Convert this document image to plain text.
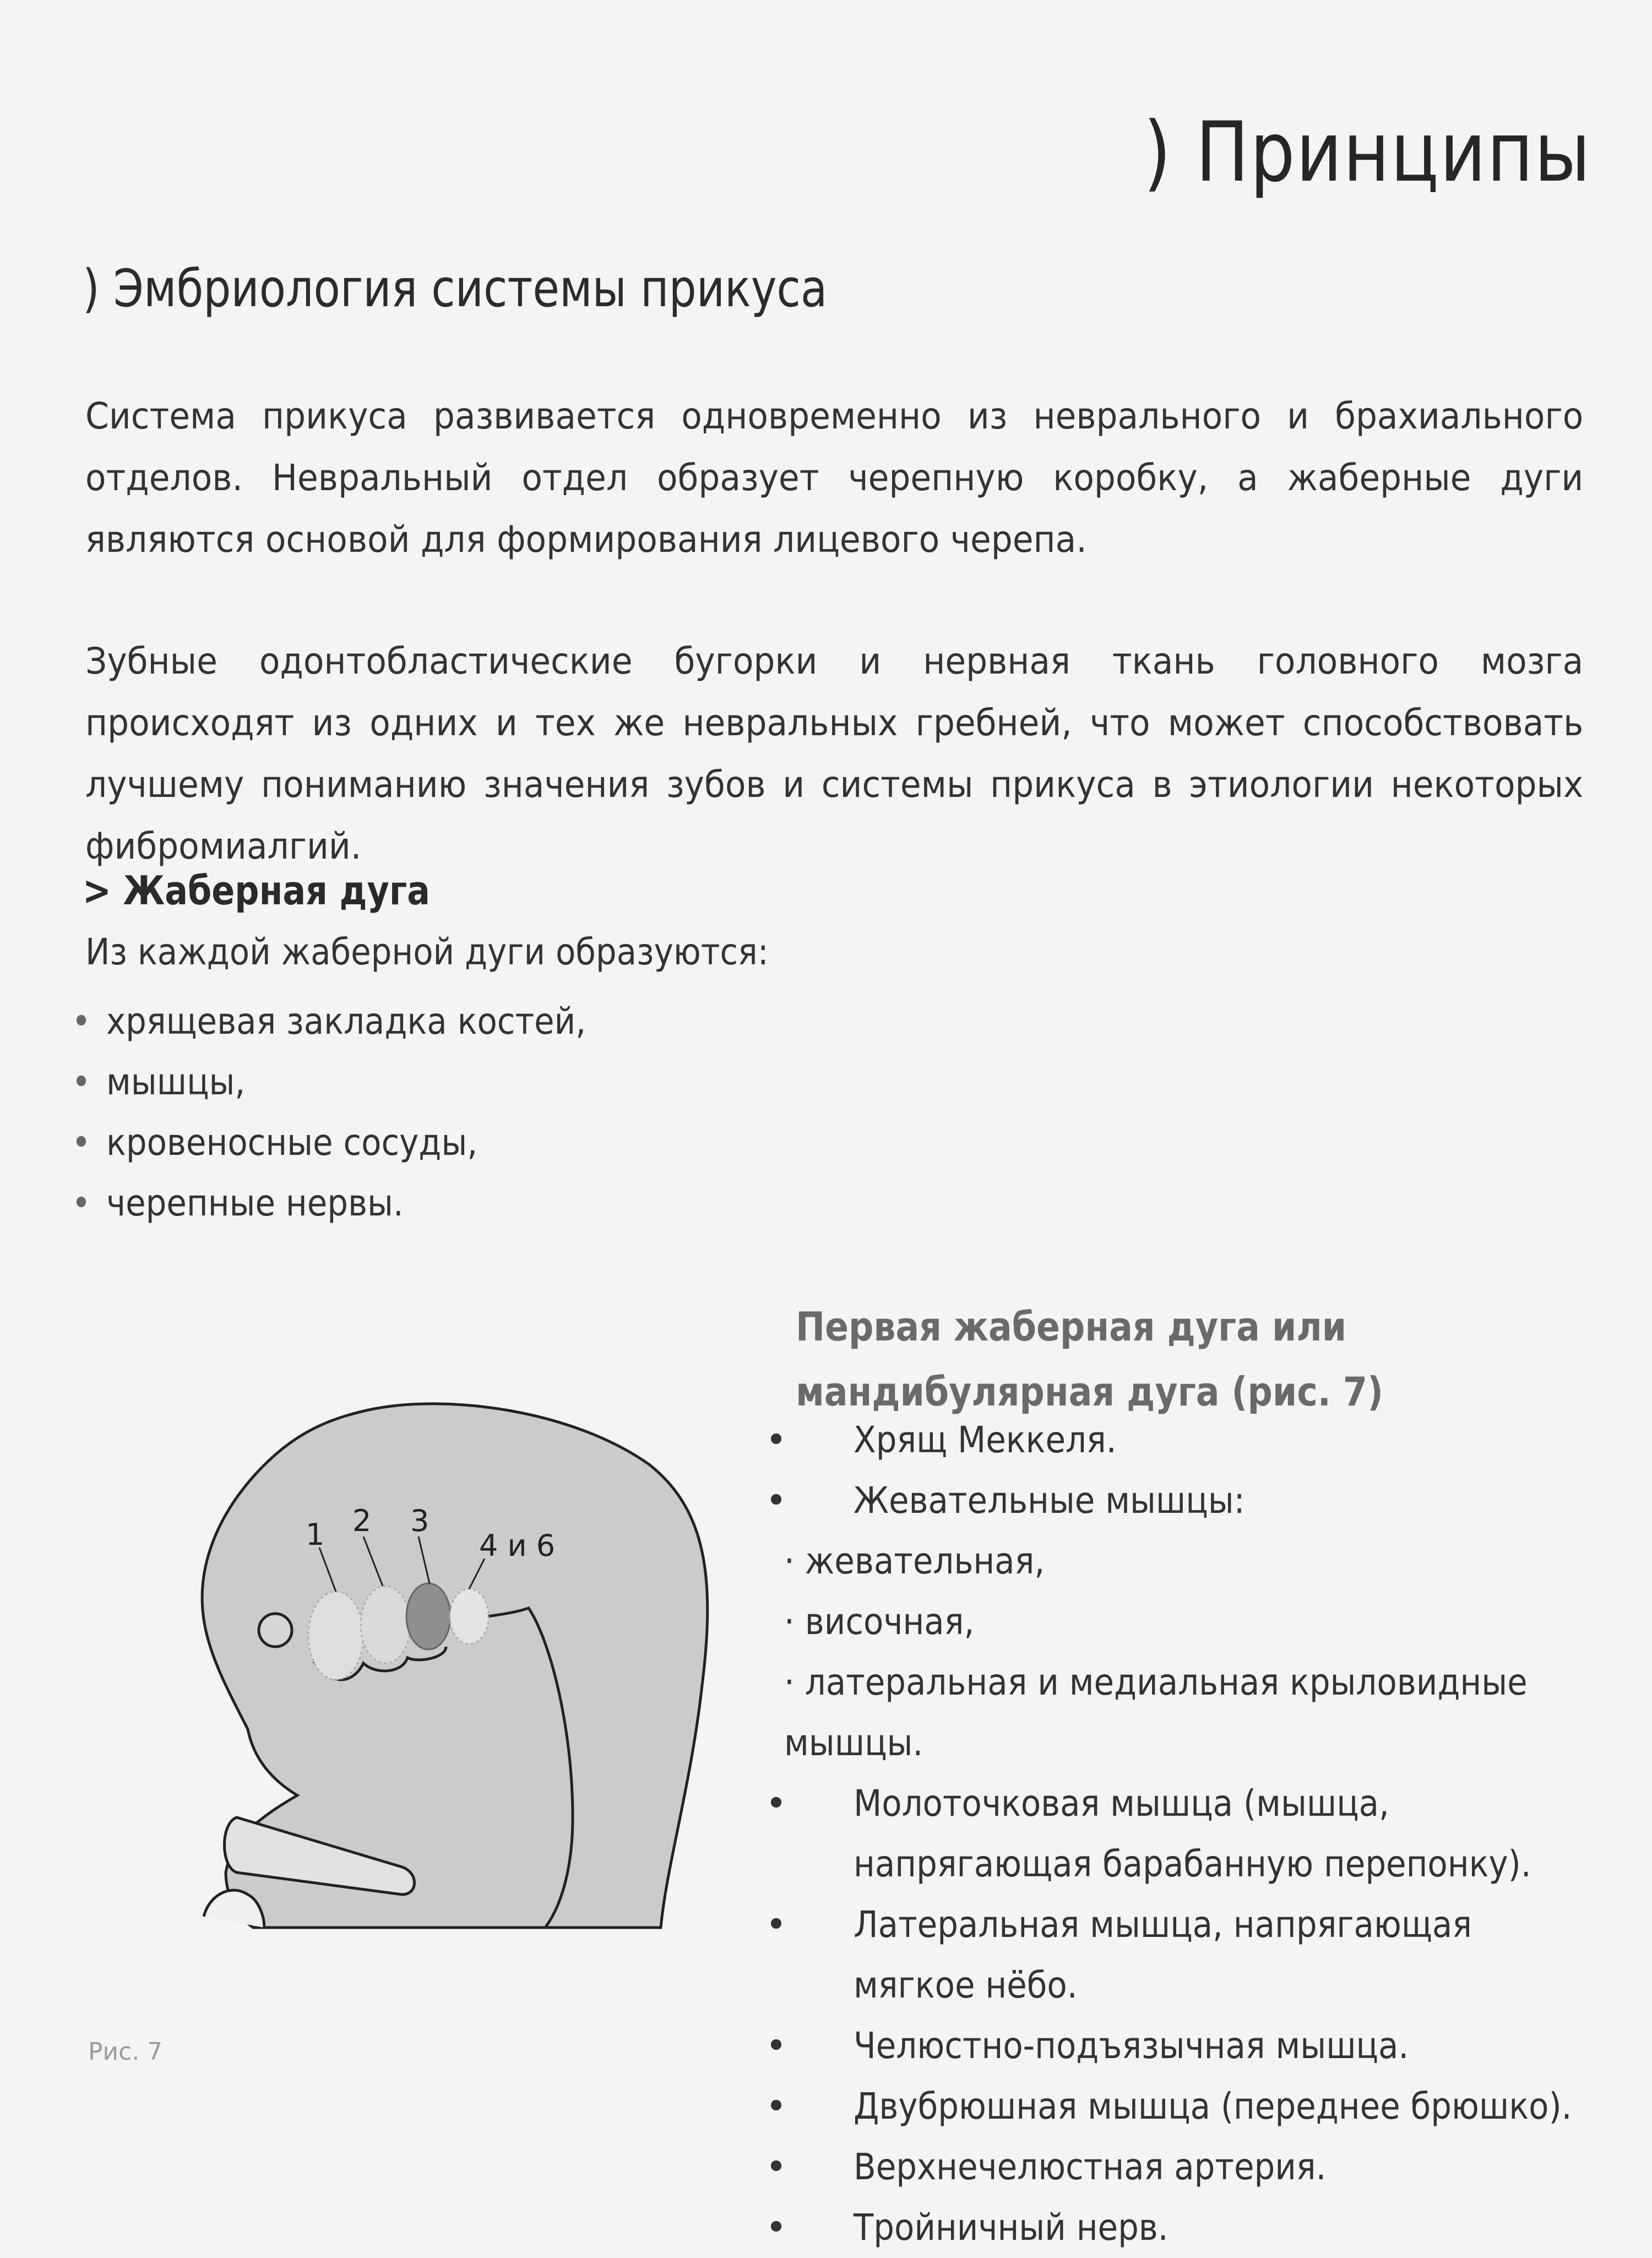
) Принципы
) Эмбриология системы прикуса
Система прикуса развивается одновременно из неврального и брахиального отделов. Невральный отдел образует черепную коробку, а жаберные дуги являются основой для формирования лицевого черепа.
Зубные одонтобластические бугорки и нервная ткань головного мозга происходят из одних и тех же невральных гребней, что может способствовать лучшему пониманию значения зубов и системы прикуса в этиологии некоторых фибромиалгий.
> Жаберная дуга
Из каждой жаберной дуги образуются:
• хрящевая закладка костей,
• мышцы,
• кровеносные сосуды,
• черепные нервы.
1 2 3
4 и 6
Рис. 7
Первая жаберная дуга или мандибулярная дуга (рис. 7)
•	Хрящ Меккеля.
•	Жевательные мышцы:
· жевательная,
· височная,
· латеральная и медиальная крыловидные мышцы.
•	Молоточковая мышца (мышца, напрягающая барабанную перепонку).
•	Латеральная мышца, напрягающая мягкое нёбо.
•	Челюстно-подъязычная мышца.
•	Двубрюшная мышца (переднее брюшко).
•	Верхнечелюстная артерия.
•	Тройничный нерв.
